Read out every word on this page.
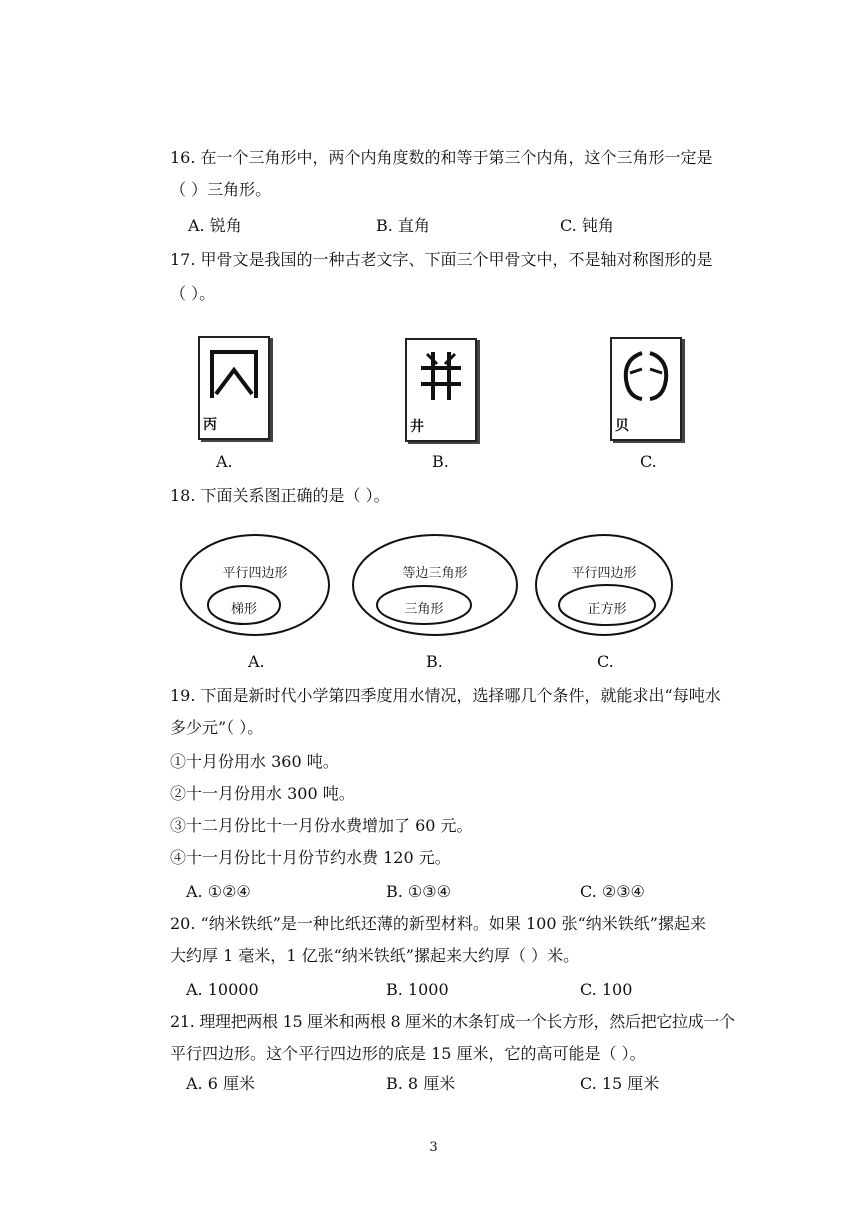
16. 在一个三角形中，两个内角度数的和等于第三个内角，这个三角形一定是
（ ）三角形。
A. 锐角	B. 直角	C. 钝角
17. 甲骨文是我国的一种古老文字、下面三个甲骨文中，不是轴对称图形的是
（ ）。
丙	井	贝
A.	B.	C.
18. 下面关系图正确的是（ ）。
平行四边形
梯形
等边三角形
三角形
平行四边形
正方形
A.	B.	C.
19. 下面是新时代小学第四季度用水情况，选择哪几个条件，就能求出“每吨水
多少元”（ ）。
①十月份用水 360 吨。
②十一月份用水 300 吨。
③十二月份比十一月份水费增加了 60 元。
④十一月份比十月份节约水费 120 元。
A. ①②④	B. ①③④	C. ②③④
20. “纳米铁纸”是一种比纸还薄的新型材料。如果 100 张“纳米铁纸”摞起来
大约厚 1 毫米，1 亿张“纳米铁纸”摞起来大约厚（ ）米。
A. 10000	B. 1000	C. 100
21. 理理把两根 15 厘米和两根 8 厘米的木条钉成一个长方形，然后把它拉成一个
平行四边形。这个平行四边形的底是 15 厘米，它的高可能是（ ）。
A. 6 厘米	B. 8 厘米	C. 15 厘米
3
